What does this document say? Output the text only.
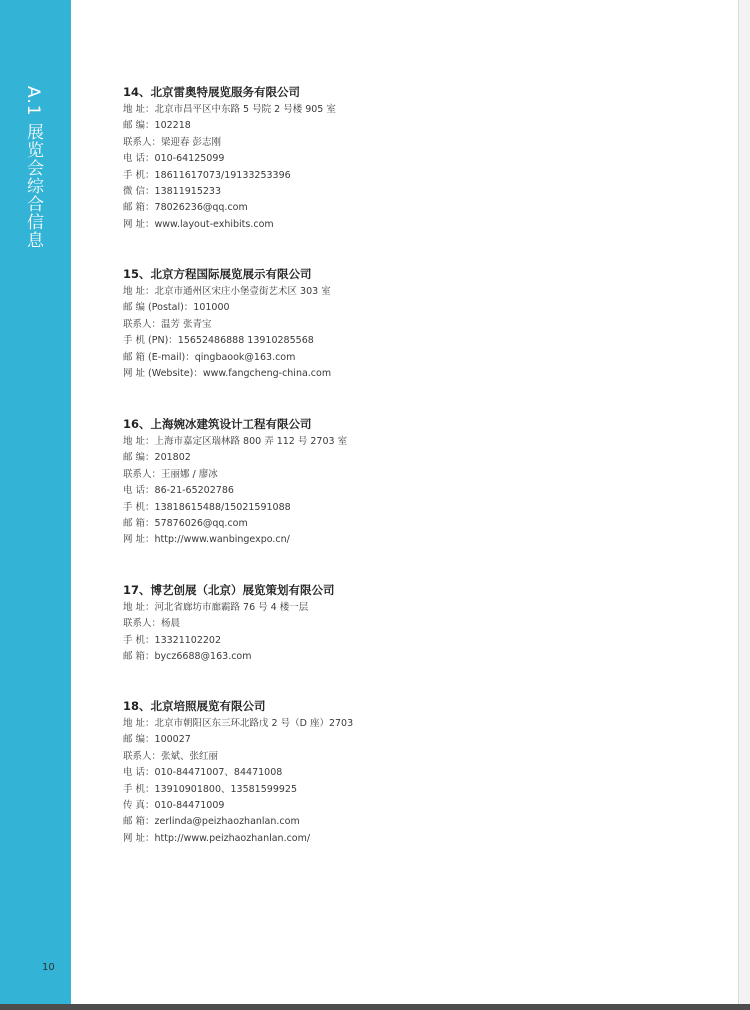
A.1 展览会综合信息	14、北京雷奥特展览服务有限公司
地 址：北京市昌平区中东路 5 号院 2 号楼 905 室
邮 编：102218
联系人：梁迎春 彭志刚
电 话：010-64125099
手 机：18611617073/19133253396
微 信：13811915233
邮 箱：78026236@qq.com
网 址：www.layout-exhibits.com
15、北京方程国际展览展示有限公司
地 址：北京市通州区宋庄小堡壹街艺术区 303 室
邮 编 (Postal)：101000
联系人：温芳 张青宝
手 机 (PN)：15652486888 13910285568
邮 箱 (E-mail)：qingbaook@163.com
网 址 (Website)：www.fangcheng-china.com
16、上海婉冰建筑设计工程有限公司
地 址：上海市嘉定区瑞林路 800 弄 112 号 2703 室
邮 编：201802
联系人：王丽娜 / 廖冰
电 话：86-21-65202786
手 机：13818615488/15021591088
邮 箱：57876026@qq.com
网 址：http://www.wanbingexpo.cn/
17、博艺创展（北京）展览策划有限公司
地 址：河北省廊坊市廊霸路 76 号 4 楼一层
联系人：杨晨
手 机：13321102202
邮 箱：bycz6688@163.com
18、北京培照展览有限公司
地 址：北京市朝阳区东三环北路戊 2 号（D 座）2703
邮 编：100027
联系人：张斌、张红丽
电 话：010-84471007、84471008
手 机：13910901800、13581599925
传 真：010-84471009
邮 箱：zerlinda@peizhaozhanlan.com
网 址：http://www.peizhaozhanlan.com/
10
